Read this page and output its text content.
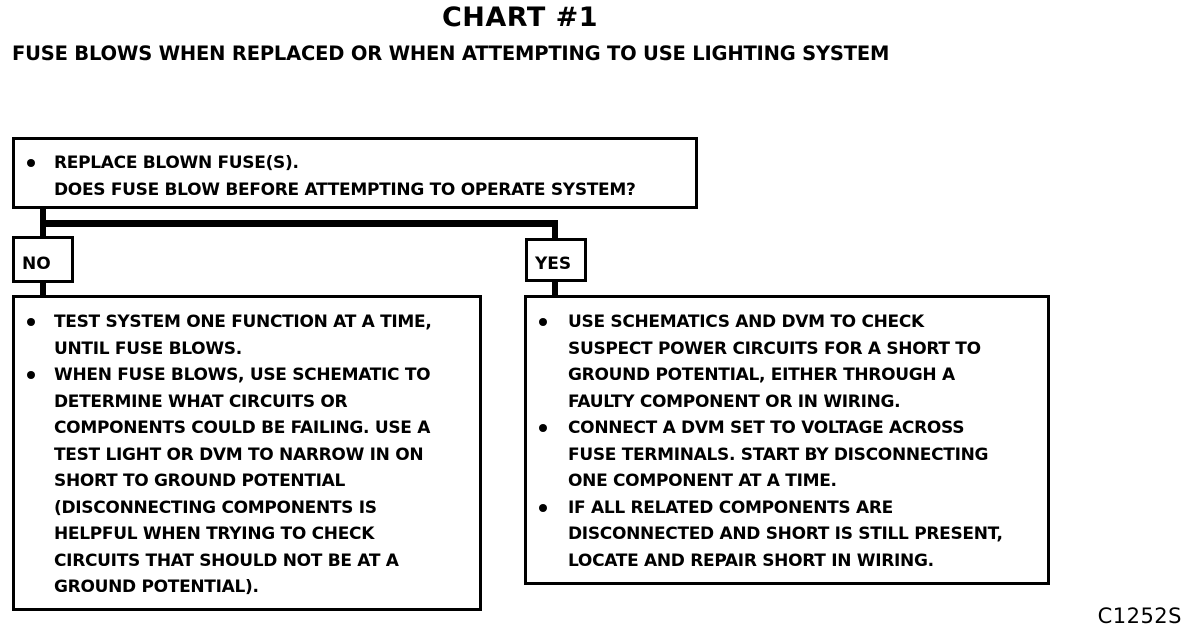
CHART #1
FUSE BLOWS WHEN REPLACED OR WHEN ATTEMPTING TO USE LIGHTING SYSTEM
REPLACE BLOWN FUSE(S).
DOES FUSE BLOW BEFORE ATTEMPTING TO OPERATE SYSTEM?
NO	YES
TEST SYSTEM ONE FUNCTION AT A TIME,
UNTIL FUSE BLOWS.
WHEN FUSE BLOWS, USE SCHEMATIC TO
DETERMINE WHAT CIRCUITS OR
COMPONENTS COULD BE FAILING. USE A
TEST LIGHT OR DVM TO NARROW IN ON
SHORT TO GROUND POTENTIAL
(DISCONNECTING COMPONENTS IS
HELPFUL WHEN TRYING TO CHECK
CIRCUITS THAT SHOULD NOT BE AT A
GROUND POTENTIAL).
USE SCHEMATICS AND DVM TO CHECK
SUSPECT POWER CIRCUITS FOR A SHORT TO
GROUND POTENTIAL, EITHER THROUGH A
FAULTY COMPONENT OR IN WIRING.
CONNECT A DVM SET TO VOLTAGE ACROSS
FUSE TERMINALS. START BY DISCONNECTING
ONE COMPONENT AT A TIME.
IF ALL RELATED COMPONENTS ARE
DISCONNECTED AND SHORT IS STILL PRESENT,
LOCATE AND REPAIR SHORT IN WIRING.
C1252S
